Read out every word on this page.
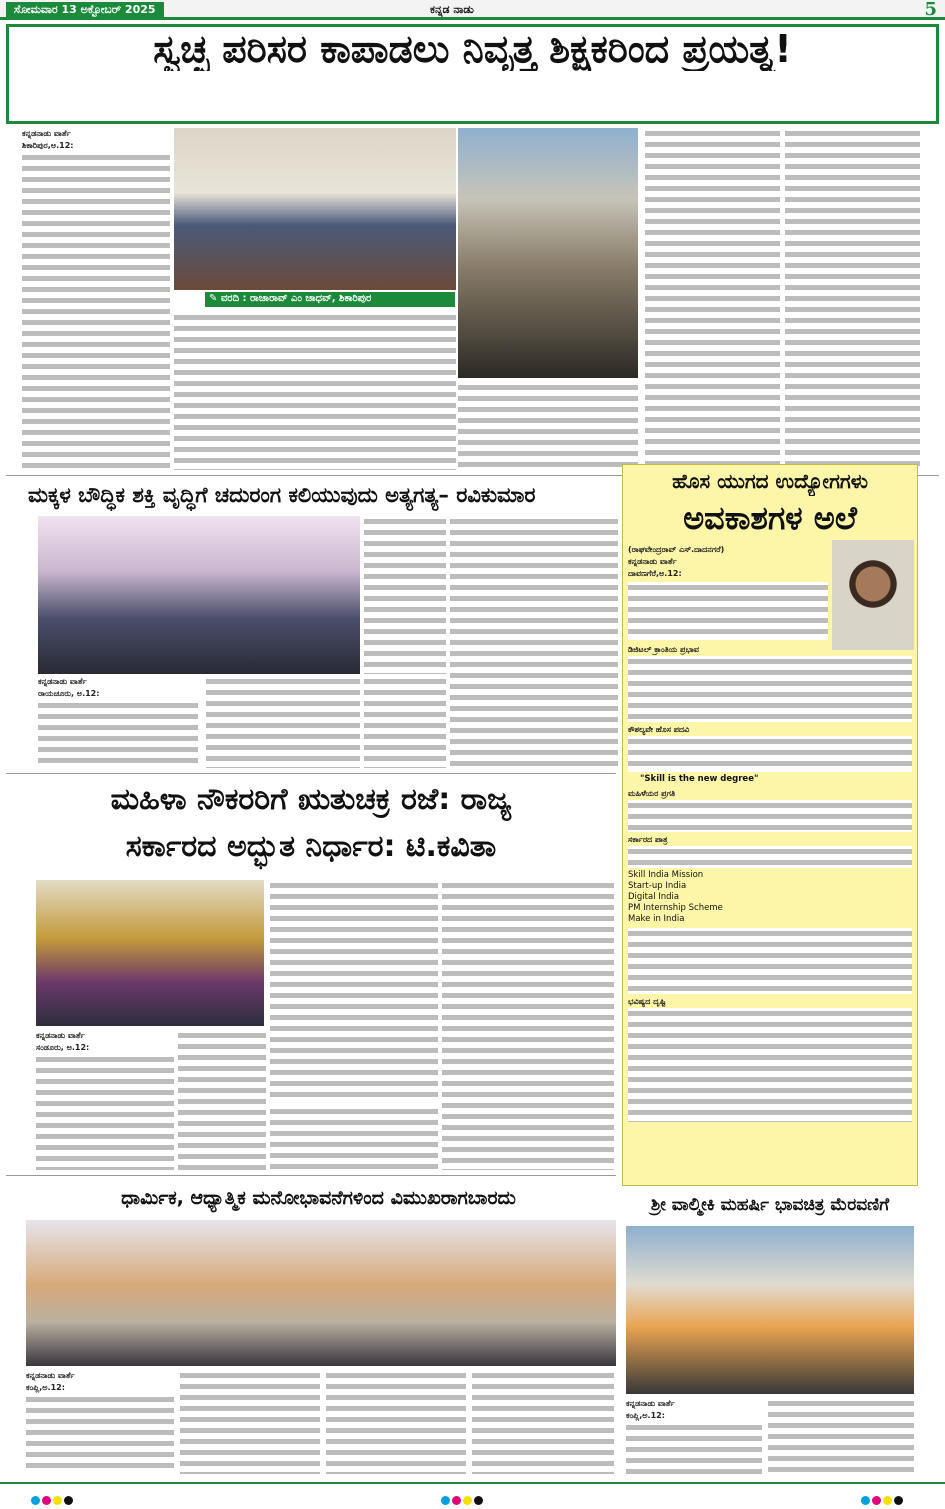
ಸೋಮವಾರ 13 ಅಕ್ಟೋಬರ್ 2025	ಕನ್ನಡ ನಾಡು	5
ಸ್ವಚ್ಛ ಪರಿಸರ ಕಾಪಾಡಲು ನಿವೃತ್ತ ಶಿಕ್ಷಕರಿಂದ ಪ್ರಯತ್ನ!
ಕನ್ನಡನಾಡು ವಾರ್ತೆ
ಶಿಕಾರಿಪುರ,ಅ.12:
✎ ವರದಿ : ರಾಜಾರಾವ್ ಎಂ ಜಾಧವ್, ಶಿಕಾರಿಪುರ
ಮಕ್ಕಳ ಬೌದ್ಧಿಕ ಶಕ್ತಿ ವೃದ್ಧಿಗೆ ಚದುರಂಗ ಕಲಿಯುವುದು ಅತ್ಯಗತ್ಯ– ರವಿಕುಮಾರ
ಕನ್ನಡನಾಡು ವಾರ್ತೆ
ರಾಯಚೂರು, ಅ.12:
ಹೊಸ ಯುಗದ ಉದ್ಯೋಗಗಳು
ಅವಕಾಶಗಳ ಅಲೆ
(ರಾಘವೇಂದ್ರರಾವ್ ಎಸ್.ದಾದನಗರೆ)
ಕನ್ನಡನಾಡು ವಾರ್ತೆ
ದಾವಣಗೆರೆ,ಅ.12:
ಡಿಜಿಟಲ್ ಕ್ರಾಂತಿಯ ಪ್ರಭಾವ
ಕೌಶಲ್ಯವೇ ಹೊಸ ಪದವಿ
"Skill is the new degree"
ಮಹಿಳೆಯರ ಪ್ರಗತಿ
ಸರ್ಕಾರದ ಪಾತ್ರ
Skill India Mission
Start-up India
Digital India
PM Internship Scheme
Make in India
ಭವಿಷ್ಯದ ದೃಷ್ಟಿ
ಮಹಿಳಾ ನೌಕರರಿಗೆ ಋತುಚಕ್ರ ರಜೆ: ರಾಜ್ಯ
ಸರ್ಕಾರದ ಅದ್ಭುತ ನಿರ್ಧಾರ: ಟಿ.ಕವಿತಾ
ಕನ್ನಡನಾಡು ವಾರ್ತೆ
ಸಂಡೂರು, ಅ.12:
ಶ್ರೀ ವಾಲ್ಮೀಕಿ ಮಹರ್ಷಿ ಭಾವಚಿತ್ರ ಮೆರವಣಿಗೆ
ಕನ್ನಡನಾಡು ವಾರ್ತೆ
ಕಂಪ್ಲಿ,ಅ.12:
ಧಾರ್ಮಿಕ, ಆಧ್ಯಾತ್ಮಿಕ ಮನೋಭಾವನೆಗಳಿಂದ ವಿಮುಖರಾಗಬಾರದು
ಕನ್ನಡನಾಡು ವಾರ್ತೆ
ಕಂಪ್ಲಿ,ಅ.12:
